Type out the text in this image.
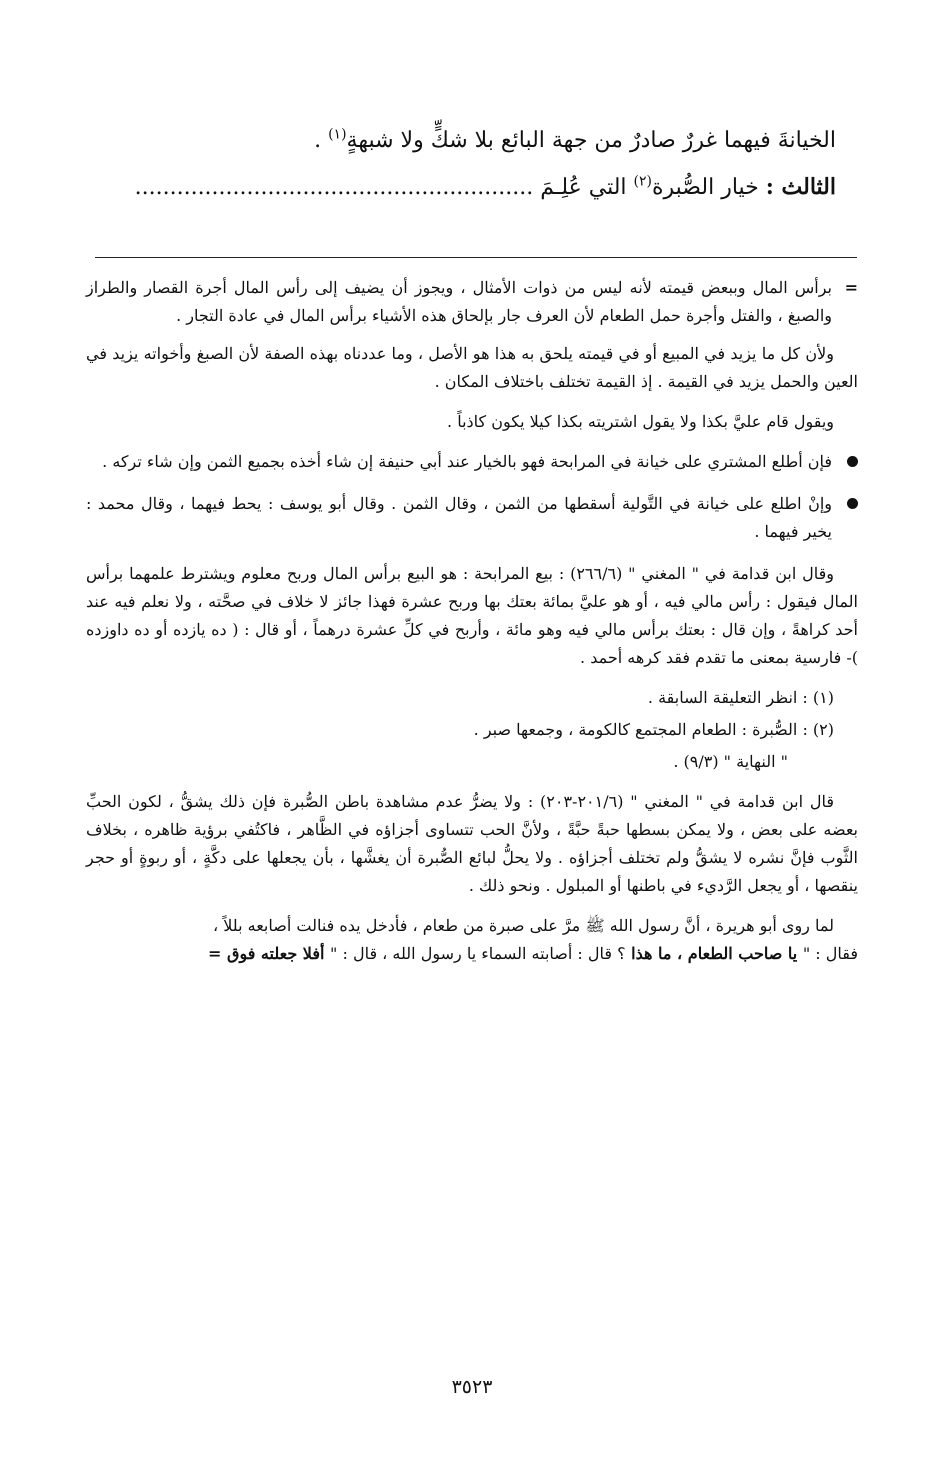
الخيانةَ فيهما غررٌ صادرٌ من جهة البائع بلا شكٍّ ولا شبهةٍ$^{(١)}$ .
الثالث : خيار الصُّبرة$^{(٢)}$ التي عُلِـمَ .........................................................
=
برأس المال وببعض قيمته لأنه ليس من ذوات الأمثال ، ويجوز أن يضيف إلى رأس المال أجرة القصار والطراز والصبغ ، والفتل وأجرة حمل الطعام لأن العرف جار بإلحاق هذه الأشياء برأس المال في عادة التجار .

ولأن كل ما يزيد في المبيع أو في قيمته يلحق به هذا هو الأصل ، وما عددناه بهذه الصفة لأن الصبغ وأخواته يزيد في العين والحمل يزيد في القيمة . إذ القيمة تختلف باختلاف المكان .

ويقول قام عليَّ بكذا ولا يقول اشتريته بكذا كيلا يكون كاذباً .

فإن أطلع المشتري على خيانة في المرابحة فهو بالخيار عند أبي حنيفة إن شاء أخذه بجميع الثمن وإن شاء تركه .
وإنْ اطلع على خيانة في التَّولية أسقطها من الثمن ، وقال الثمن . وقال أبو يوسف : يحط فيهما ، وقال محمد : يخير فيهما .

وقال ابن قدامة في " المغني " (٢٦٦/٦) : بيع المرابحة : هو البيع برأس المال وربح معلوم ويشترط علمهما برأس المال فيقول : رأس مالي فيه ، أو هو عليَّ بمائة بعتك بها وربح عشرة فهذا جائز لا خلاف في صحَّته ، ولا نعلم فيه عند أحد كراهةً ، وإن قال : بعتك برأس مالي فيه وهو مائة ، وأربح في كلِّ عشرة درهماً ، أو قال : ( ده يازده أو ده داوزده )- فارسية بمعنى ما تقدم فقد كرهه أحمد .

(١) : انظر التعليقة السابقة .

(٢) : الصُّبرة : الطعام المجتمع كالكومة ، وجمعها صبر .

" النهاية " (٩/٣) .

قال ابن قدامة في " المغني " (٢٠١/٦-٢٠٣) : ولا يضرُّ عدم مشاهدة باطن الصُّبرة فإن ذلك يشقُّ ، لكون الحبِّ بعضه على بعض ، ولا يمكن بسطها حبةً حبَّةً ، ولأنَّ الحب تتساوى أجزاؤه في الظَّاهر ، فاكتُفي برؤية ظاهره ، بخلاف الثَّوب فإنَّ نشره لا يشقُّ ولم تختلف أجزاؤه . ولا يحلُّ لبائع الصُّبرة أن يغشَّها ، بأن يجعلها على دكَّةٍ ، أو ربوةٍ أو حجر ينقصها ، أو يجعل الرَّديء في باطنها أو المبلول . ونحو ذلك .

لما روى أبو هريرة ، أنَّ رسول الله ﷺ مرَّ على صبرة من طعام ، فأدخل يده فنالت أصابعه بللاً ،

فقال : " يا صاحب الطعام ، ما هذا ؟ قال : أصابته السماء يا رسول الله ، قال : " أفلا جعلته فوق =

٣٥٢٣
